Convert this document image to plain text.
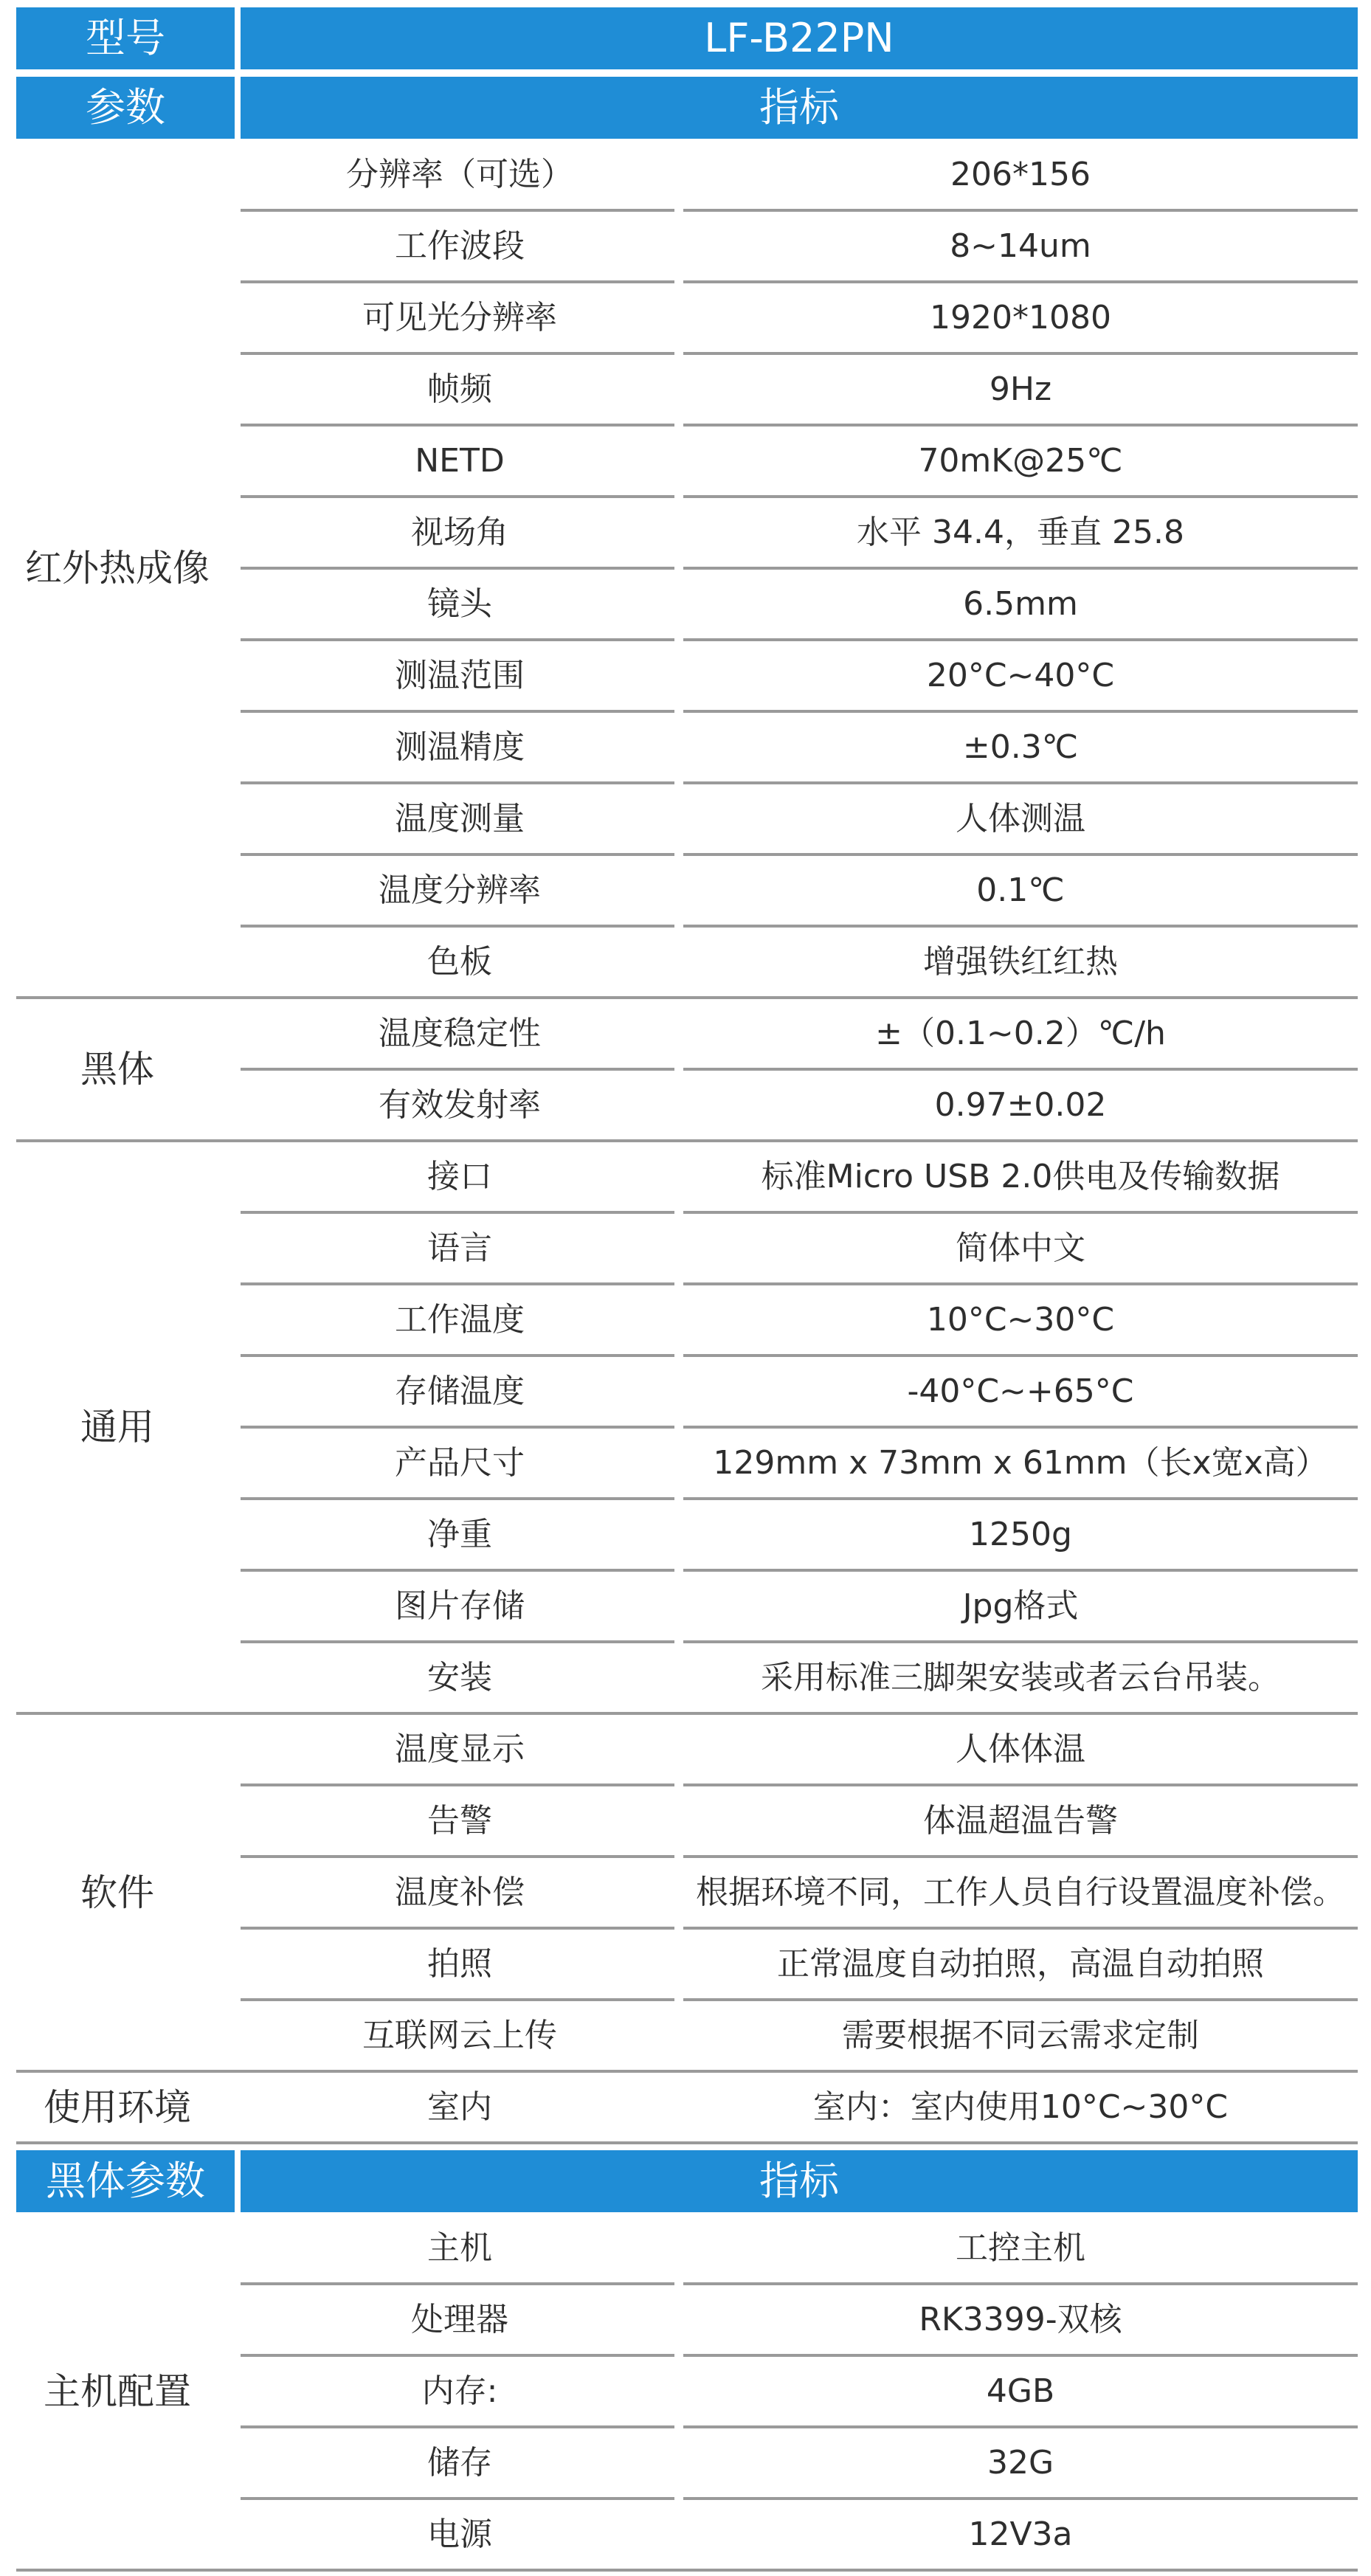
型号	LF-B22PN
参数	指标
红外热成像
分辨率（可选）	206*156
工作波段	8~14um
可见光分辨率	1920*1080
帧频	9Hz
NETD	70mK@25℃
视场角	水平 34.4，垂直 25.8
镜头	6.5mm
测温范围	20°C~40°C
测温精度	±0.3℃
温度测量	人体测温
温度分辨率	0.1℃
色板	增强铁红红热
黑体
温度稳定性	±（0.1~0.2）℃/h
有效发射率	0.97±0.02
通用
接口	标准Micro USB 2.0供电及传输数据
语言	简体中文
工作温度	10°C~30°C
存储温度	-40°C~+65°C
产品尺寸	129mm x 73mm x 61mm（长x宽x高）
净重	1250g
图片存储	Jpg格式
安装	采用标准三脚架安装或者云台吊装。
软件
温度显示	人体体温
告警	体温超温告警
温度补偿	根据环境不同，工作人员自行设置温度补偿。
拍照	正常温度自动拍照，高温自动拍照
互联网云上传	需要根据不同云需求定制
使用环境	室内	室内：室内使用10°C~30°C
黑体参数	指标
主机配置
主机	工控主机
处理器	RK3399-双核
内存:	4GB
储存	32G
电源	12V3a
